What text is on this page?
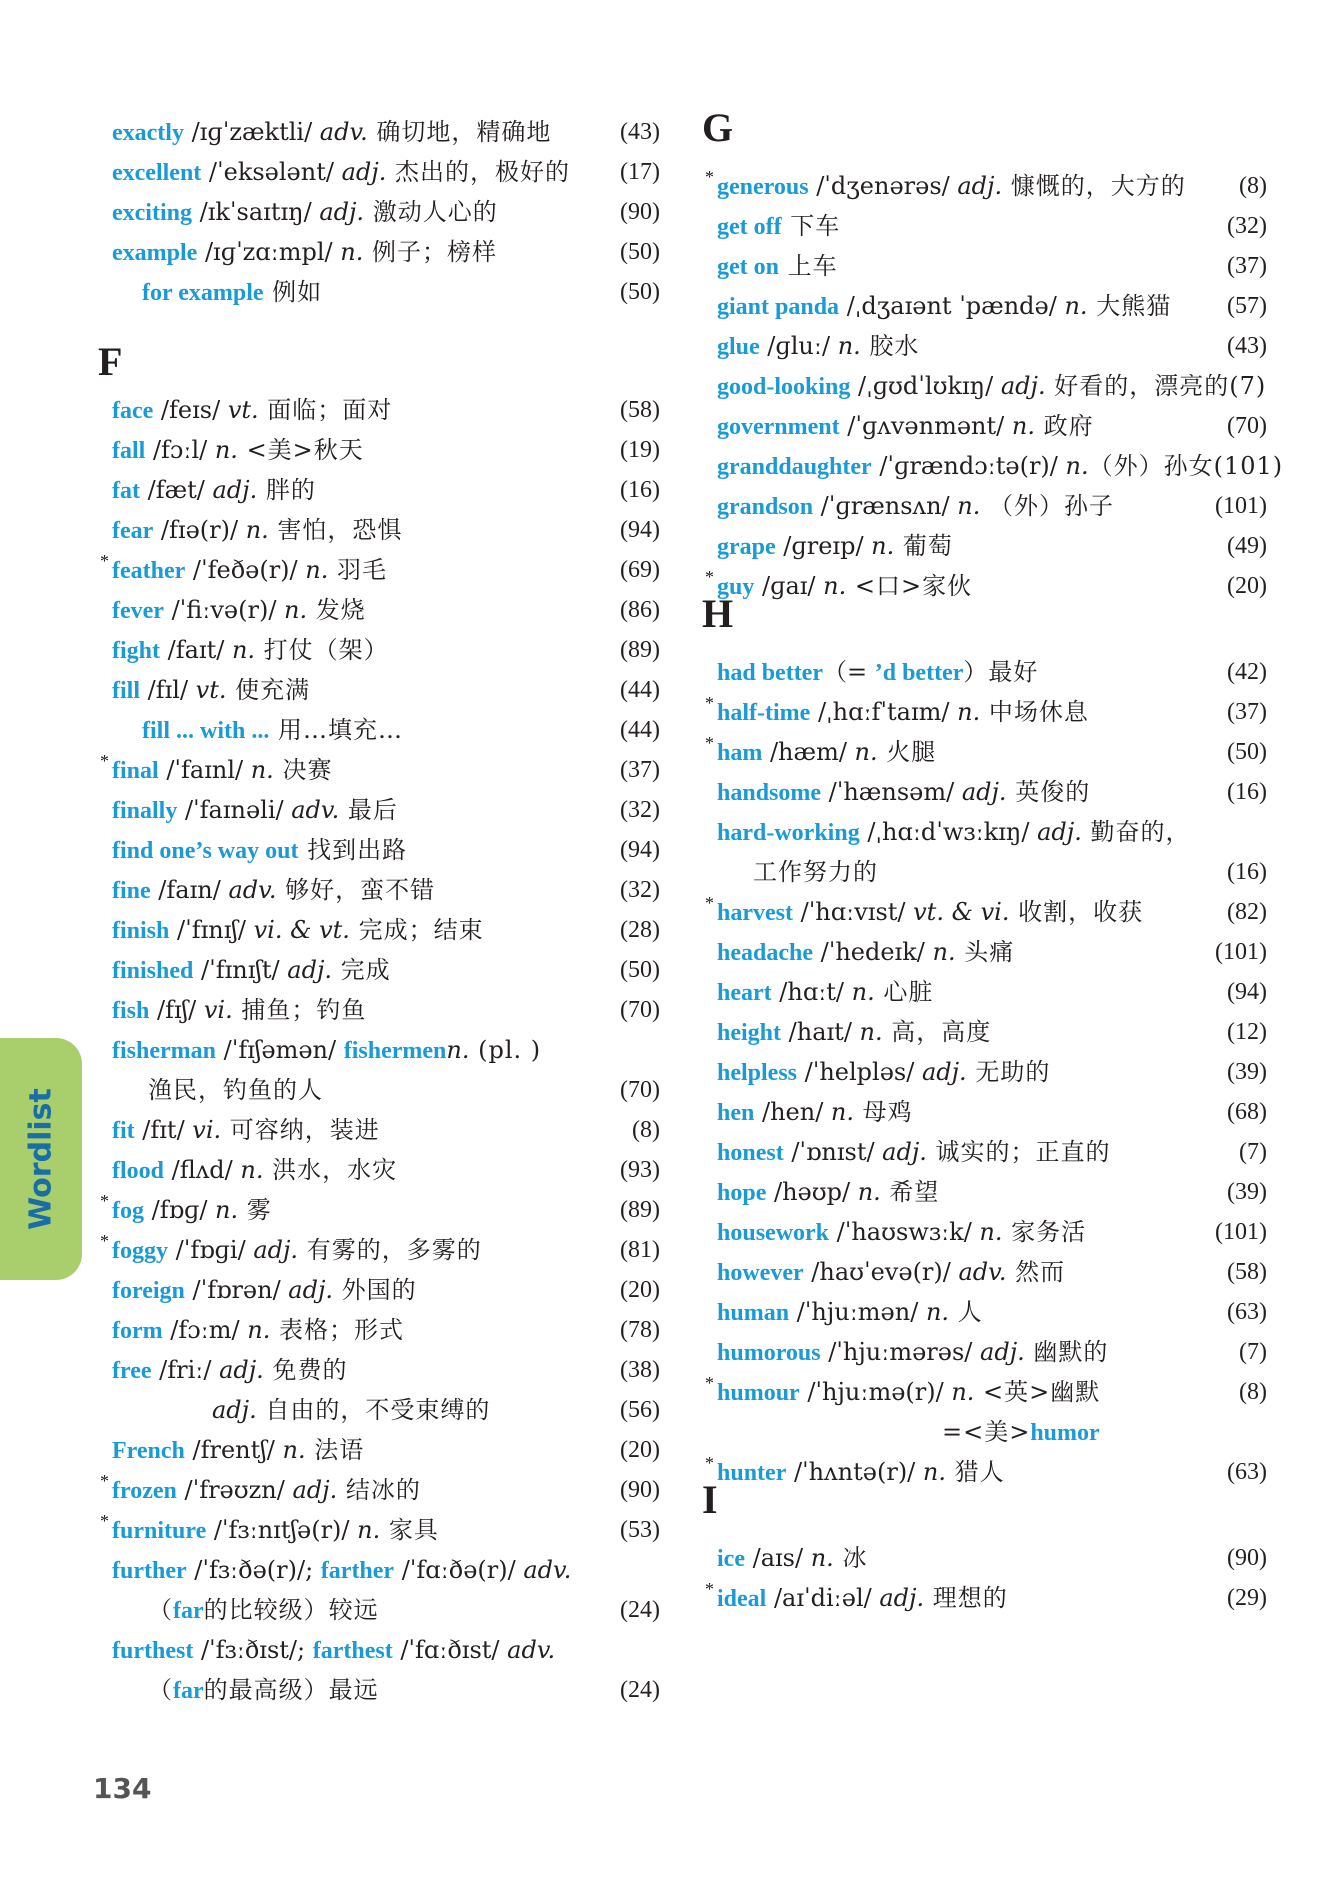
Wordlist
134
exactly /ɪɡˈzæktli/ adv. 确切地，精确地	(43)
excellent /ˈeksələnt/ adj. 杰出的，极好的	(17)
exciting /ɪkˈsaɪtɪŋ/ adj. 激动人心的	(90)
example /ɪɡˈzɑːmpl/ n. 例子；榜样	(50)
for example 例如	(50)
face /feɪs/ vt. 面临；面对	(58)
fall /fɔːl/ n. <美>秋天	(19)
fat /fæt/ adj. 胖的	(16)
fear /fɪə(r)/ n. 害怕，恐惧	(94)
feather /ˈfeðə(r)/ n. 羽毛	(69)
fever /ˈfiːvə(r)/ n. 发烧	(86)
fight /faɪt/ n. 打仗（架）	(89)
fill /fɪl/ vt. 使充满	(44)
fill ... with ... 用…填充…	(44)
final /ˈfaɪnl/ n. 决赛	(37)
finally /ˈfaɪnəli/ adv. 最后	(32)
find one’s way out 找到出路	(94)
fine /faɪn/ adv. 够好，蛮不错	(32)
finish /ˈfɪnɪʃ/ vi. & vt. 完成；结束	(28)
finished /ˈfɪnɪʃt/ adj. 完成	(50)
fish /fɪʃ/ vi. 捕鱼；钓鱼	(70)
fisherman /ˈfɪʃəmən/ fishermenn. (pl. )
渔民，钓鱼的人	(70)
fit /fɪt/ vi. 可容纳，装进	(8)
flood /flʌd/ n. 洪水，水灾	(93)
fog /fɒɡ/ n. 雾	(89)
foggy /ˈfɒɡi/ adj. 有雾的，多雾的	(81)
foreign /ˈfɒrən/ adj. 外国的	(20)
form /fɔːm/ n. 表格；形式	(78)
free /friː/ adj. 免费的	(38)
adj. 自由的，不受束缚的	(56)
French /frentʃ/ n. 法语	(20)
frozen /ˈfrəʊzn/ adj. 结冰的	(90)
furniture /ˈfɜːnɪtʃə(r)/ n. 家具	(53)
further /ˈfɜːðə(r)/; farther /ˈfɑːðə(r)/ adv.
（far的比较级）较远	(24)
furthest /ˈfɜːðɪst/; farthest /ˈfɑːðɪst/ adv.
（far的最高级）最远	(24)
generous /ˈdʒenərəs/ adj. 慷慨的，大方的	(8)
get off 下车	(32)
get on 上车	(37)
giant panda /ˌdʒaɪənt ˈpændə/ n. 大熊猫	(57)
glue /ɡluː/ n. 胶水	(43)
good-looking /ˌɡʊdˈlʊkɪŋ/ adj. 好看的，漂亮的(7)
government /ˈɡʌvənmənt/ n. 政府	(70)
granddaughter /ˈɡrændɔːtə(r)/ n.（外）孙女(101)
grandson /ˈɡrænsʌn/ n. （外）孙子	(101)
grape /ɡreɪp/ n. 葡萄	(49)
guy /ɡaɪ/ n. <口>家伙	(20)
had better（= ’d better）最好	(42)
half-time /ˌhɑːfˈtaɪm/ n. 中场休息	(37)
ham /hæm/ n. 火腿	(50)
handsome /ˈhænsəm/ adj. 英俊的	(16)
hard-working /ˌhɑːdˈwɜːkɪŋ/ adj. 勤奋的，
工作努力的	(16)
harvest /ˈhɑːvɪst/ vt. & vi. 收割，收获	(82)
headache /ˈhedeɪk/ n. 头痛	(101)
heart /hɑːt/ n. 心脏	(94)
height /haɪt/ n. 高，高度	(12)
helpless /ˈhelpləs/ adj. 无助的	(39)
hen /hen/ n. 母鸡	(68)
honest /ˈɒnɪst/ adj. 诚实的；正直的	(7)
hope /həʊp/ n. 希望	(39)
housework /ˈhaʊswɜːk/ n. 家务活	(101)
however /haʊˈevə(r)/ adv. 然而	(58)
human /ˈhjuːmən/ n. 人	(63)
humorous /ˈhjuːmərəs/ adj. 幽默的	(7)
humour /ˈhjuːmə(r)/ n. <英>幽默	(8)
=<美>humor
hunter /ˈhʌntə(r)/ n. 猎人	(63)
ice /aɪs/ n. 冰	(90)
ideal /aɪˈdiːəl/ adj. 理想的	(29)
F
*
*
*
*
*
*
G
*
*
H
*
*
*
*
*
I
*
